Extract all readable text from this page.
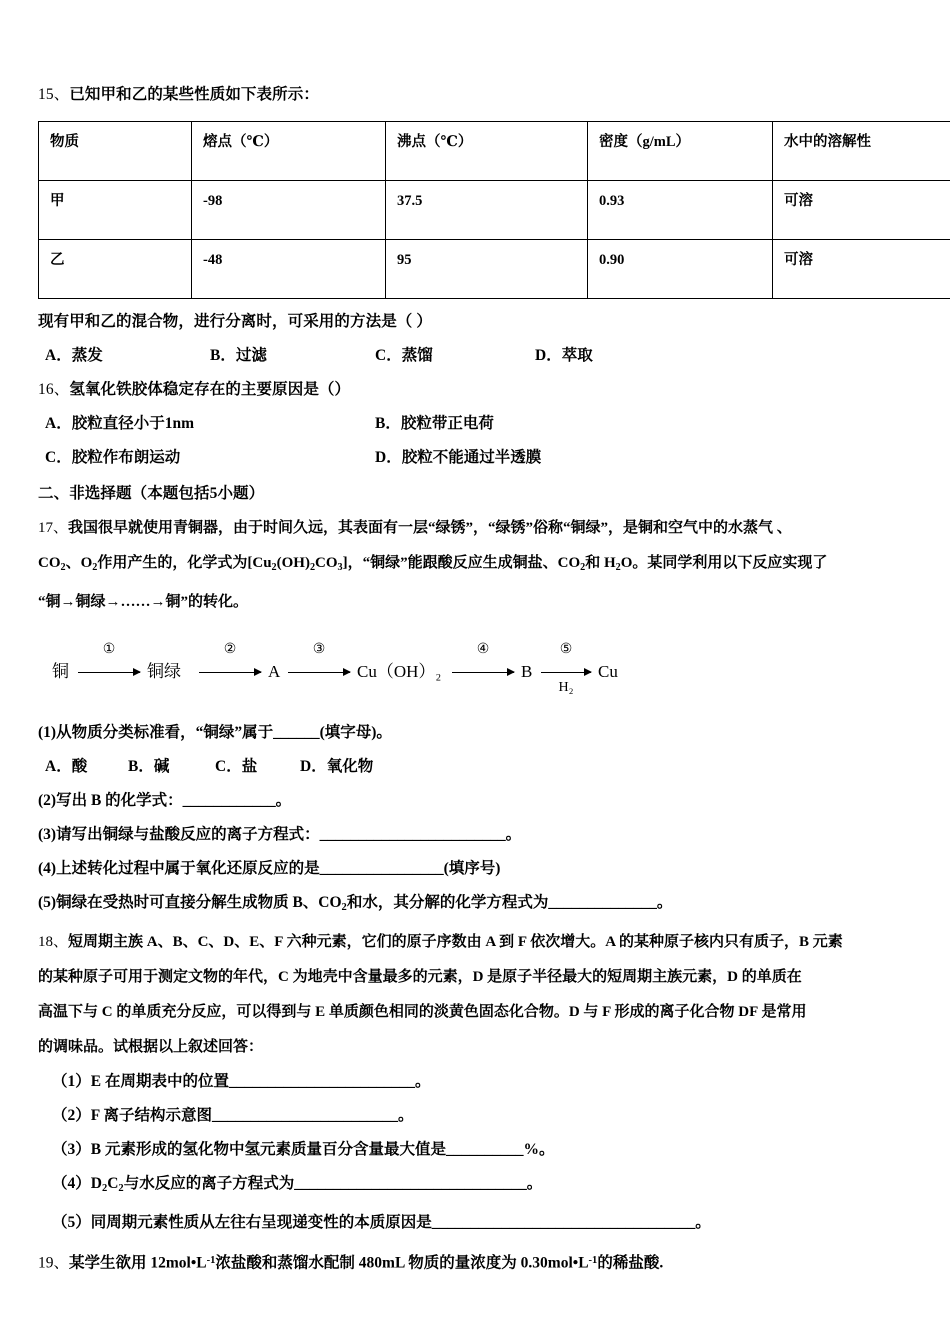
15、已知甲和乙的某些性质如下表所示：
物质	熔点（℃）	沸点（℃）	密度（g/mL）	水中的溶解性
甲	-98	37.5	0.93	可溶
乙	-48	95	0.90	可溶
现有甲和乙的混合物，进行分离时，可采用的方法是（ ）
A．蒸发	B．过滤	C．蒸馏	D．萃取
16、氢氧化铁胶体稳定存在的主要原因是（）
A．胶粒直径小于1nm	B．胶粒带正电荷
C．胶粒作布朗运动	D．胶粒不能通过半透膜
二、非选择题（本题包括5小题）
17、我国很早就使用青铜器，由于时间久远，其表面有一层“绿锈”，“绿锈”俗称“铜绿”，是铜和空气中的水蒸气 、
$CO_2$、$O_2$作用产生的，化学式为$[Cu_2(OH)_2CO_3]$，“铜绿”能跟酸反应生成铜盐、$CO_2$和 $H_2O$。某同学利用以下反应实现了
“铜→铜绿→……→铜”的转化。
铜
①
铜绿
②
A
③
Cu（OH）₂
④
B
⑤
H₂
Cu
(1)从物质分类标准看，“铜绿”属于______(填字母)。
A．酸	B．碱	C．盐	D．氧化物
(2)写出 B 的化学式：____________。
(3)请写出铜绿与盐酸反应的离子方程式：________________________。
(4)上述转化过程中属于氧化还原反应的是________________(填序号)
(5)铜绿在受热时可直接分解生成物质 B、$CO_2$和水，其分解的化学方程式为______________。
18、短周期主族 A、B、C、D、E、F 六种元素，它们的原子序数由 A 到 F 依次增大。A 的某种原子核内只有质子，B 元素
的某种原子可用于测定文物的年代，C 为地壳中含量最多的元素，D 是原子半径最大的短周期主族元素，D 的单质在
高温下与 C 的单质充分反应，可以得到与 E 单质颜色相同的淡黄色固态化合物。D 与 F 形成的离子化合物 DF 是常用
的调味品。试根据以上叙述回答：
（1）E 在周期表中的位置________________________。
（2）F 离子结构示意图________________________。
（3）B 元素形成的氢化物中氢元素质量百分含量最大值是__________%。
$(4)D_2C_2$与水反应的离子方程式为______________________________。
（5）同周期元素性质从左往右呈现递变性的本质原因是__________________________________。
19、某学生欲用 $12mol•L^{-1}$浓盐酸和蒸馏水配制 480mL 物质的量浓度为 $0.30mol•L^{-1}$的稀盐酸.
